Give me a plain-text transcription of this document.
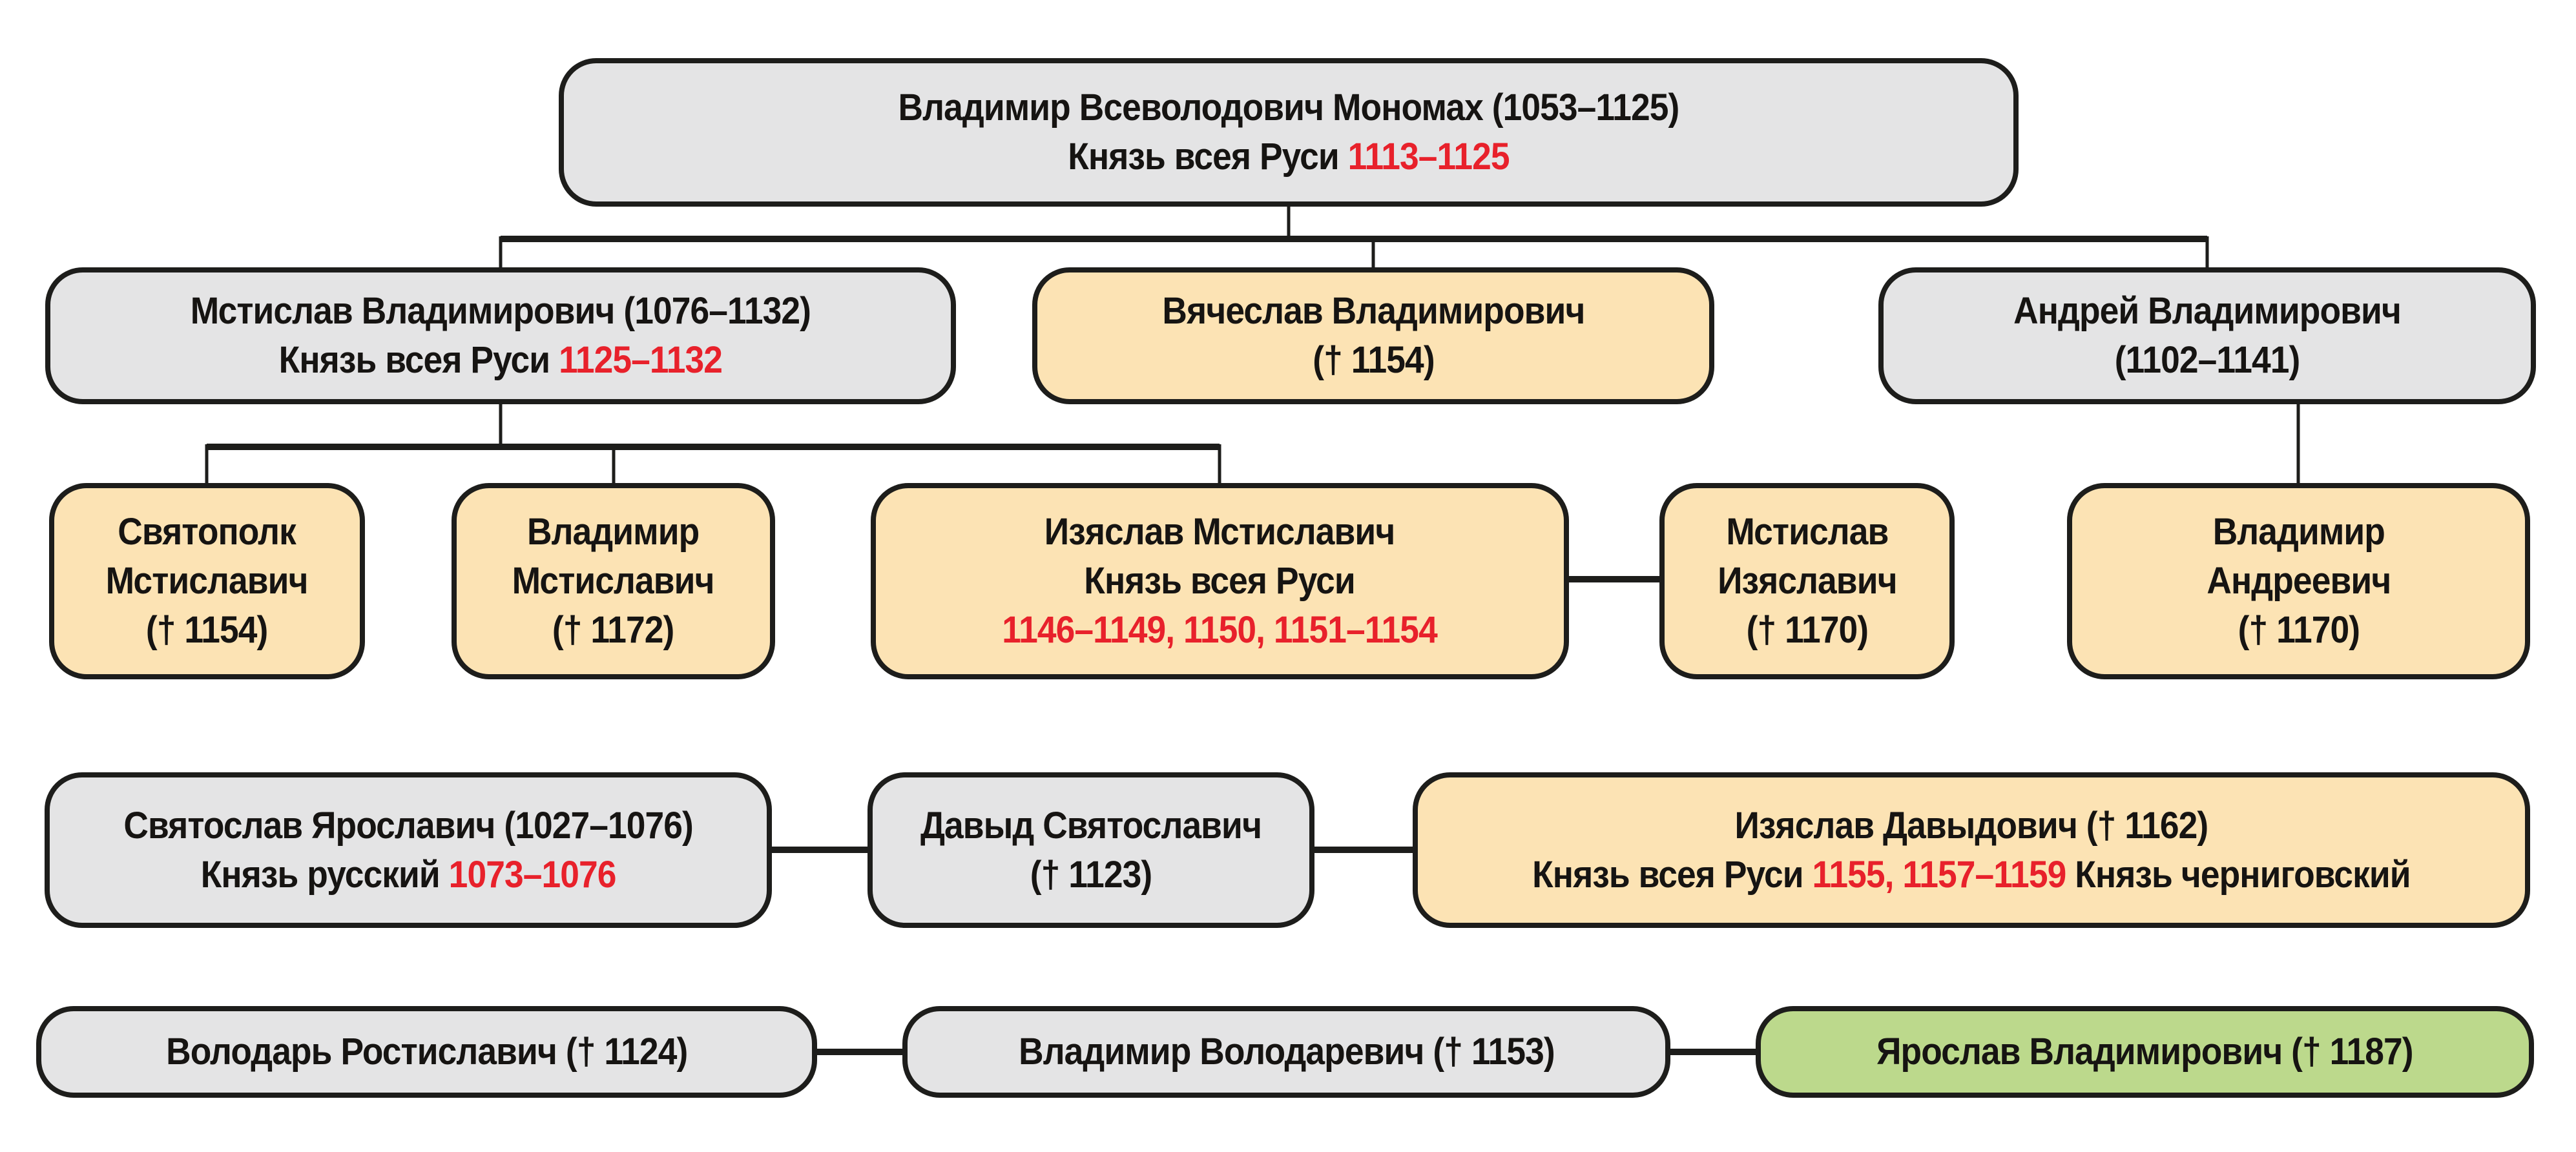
Владимир Всеволодович Мономах (1053–1125)
Князь всея Руси 1113–1125
Мстислав Владимирович (1076–1132)
Князь всея Руси 1125–1132
Вячеслав Владимирович
(† 1154)
Андрей Владимирович
(1102–1141)
Святополк
Мстиславич
(† 1154)
Владимир
Мстиславич
(† 1172)
Изяслав Мстиславич
Князь всея Руси
1146–1149, 1150, 1151–1154
Мстислав
Изяславич
(† 1170)
Владимир
Андреевич
(† 1170)
Святослав Ярославич (1027–1076)
Князь русский 1073–1076
Давыд Святославич
(† 1123)
Изяслав Давыдович († 1162)
Князь всея Руси 1155, 1157–1159 Князь черниговский
Володарь Ростиславич († 1124)	Владимир Володаревич († 1153)	Ярослав Владимирович († 1187)
